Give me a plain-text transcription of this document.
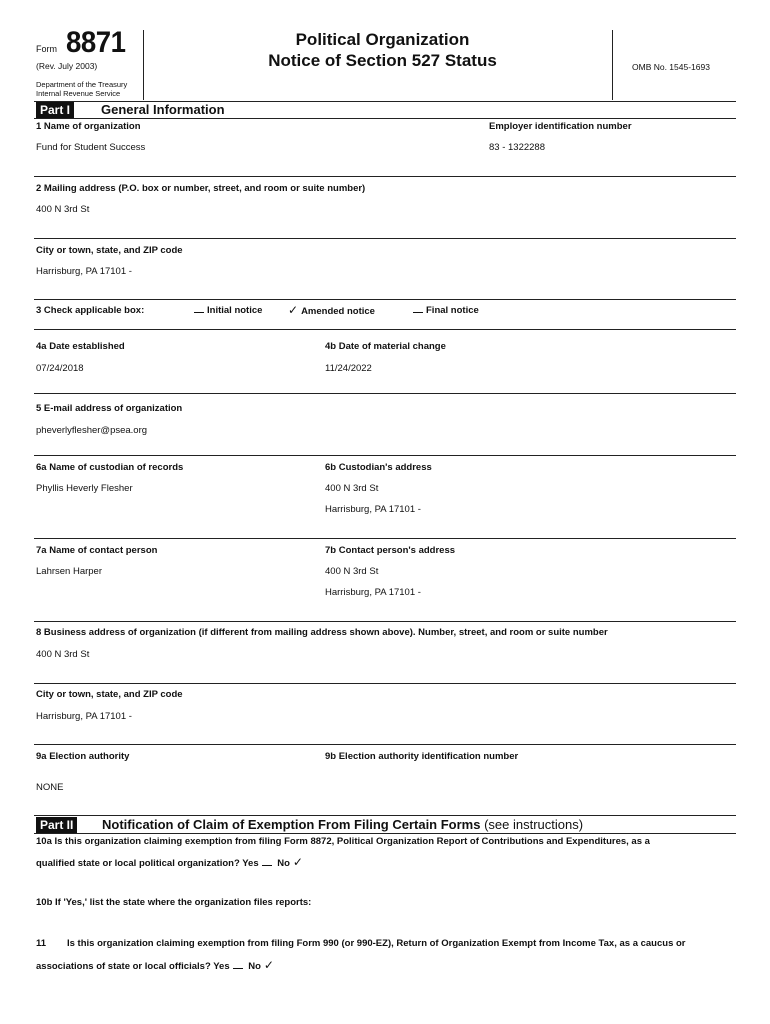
Form 8871
(Rev. July 2003)
Department of the Treasury
Internal Revenue Service
Political Organization
Notice of Section 527 Status	OMB No. 1545-1693
Part I	General Information
1 Name of organization
Fund for Student Success
Employer identification number
83 - 1322288
2 Mailing address (P.O. box or number, street, and room or suite number)
400 N 3rd St
City or town, state, and ZIP code
Harrisburg, PA 17101 -
3 Check applicable box:	Initial notice ✓ Amended notice	Final notice
4a Date established
07/24/2018
4b Date of material change
11/24/2022
5 E-mail address of organization
pheverlyflesher@psea.org
6a Name of custodian of records
Phyllis Heverly Flesher
6b Custodian's address
400 N 3rd St
Harrisburg, PA 17101 -
7a Name of contact person
Lahrsen Harper
7b Contact person's address
400 N 3rd St
Harrisburg, PA 17101 -
8 Business address of organization (if different from mailing address shown above). Number, street, and room or suite number
400 N 3rd St
City or town, state, and ZIP code
Harrisburg, PA 17101 -
9a Election authority	9b Election authority identification number
NONE
Part II	Notification of Claim of Exemption From Filing Certain Forms (see instructions)
10a Is this organization claiming exemption from filing Form 8872, Political Organization Report of Contributions and Expenditures, as a
qualified state or local political organization? Yes No ✓
10b If 'Yes,' list the state where the organization files reports:
11 Is this organization claiming exemption from filing Form 990 (or 990-EZ), Return of Organization Exempt from Income Tax, as a caucus or
associations of state or local officials? Yes No ✓
